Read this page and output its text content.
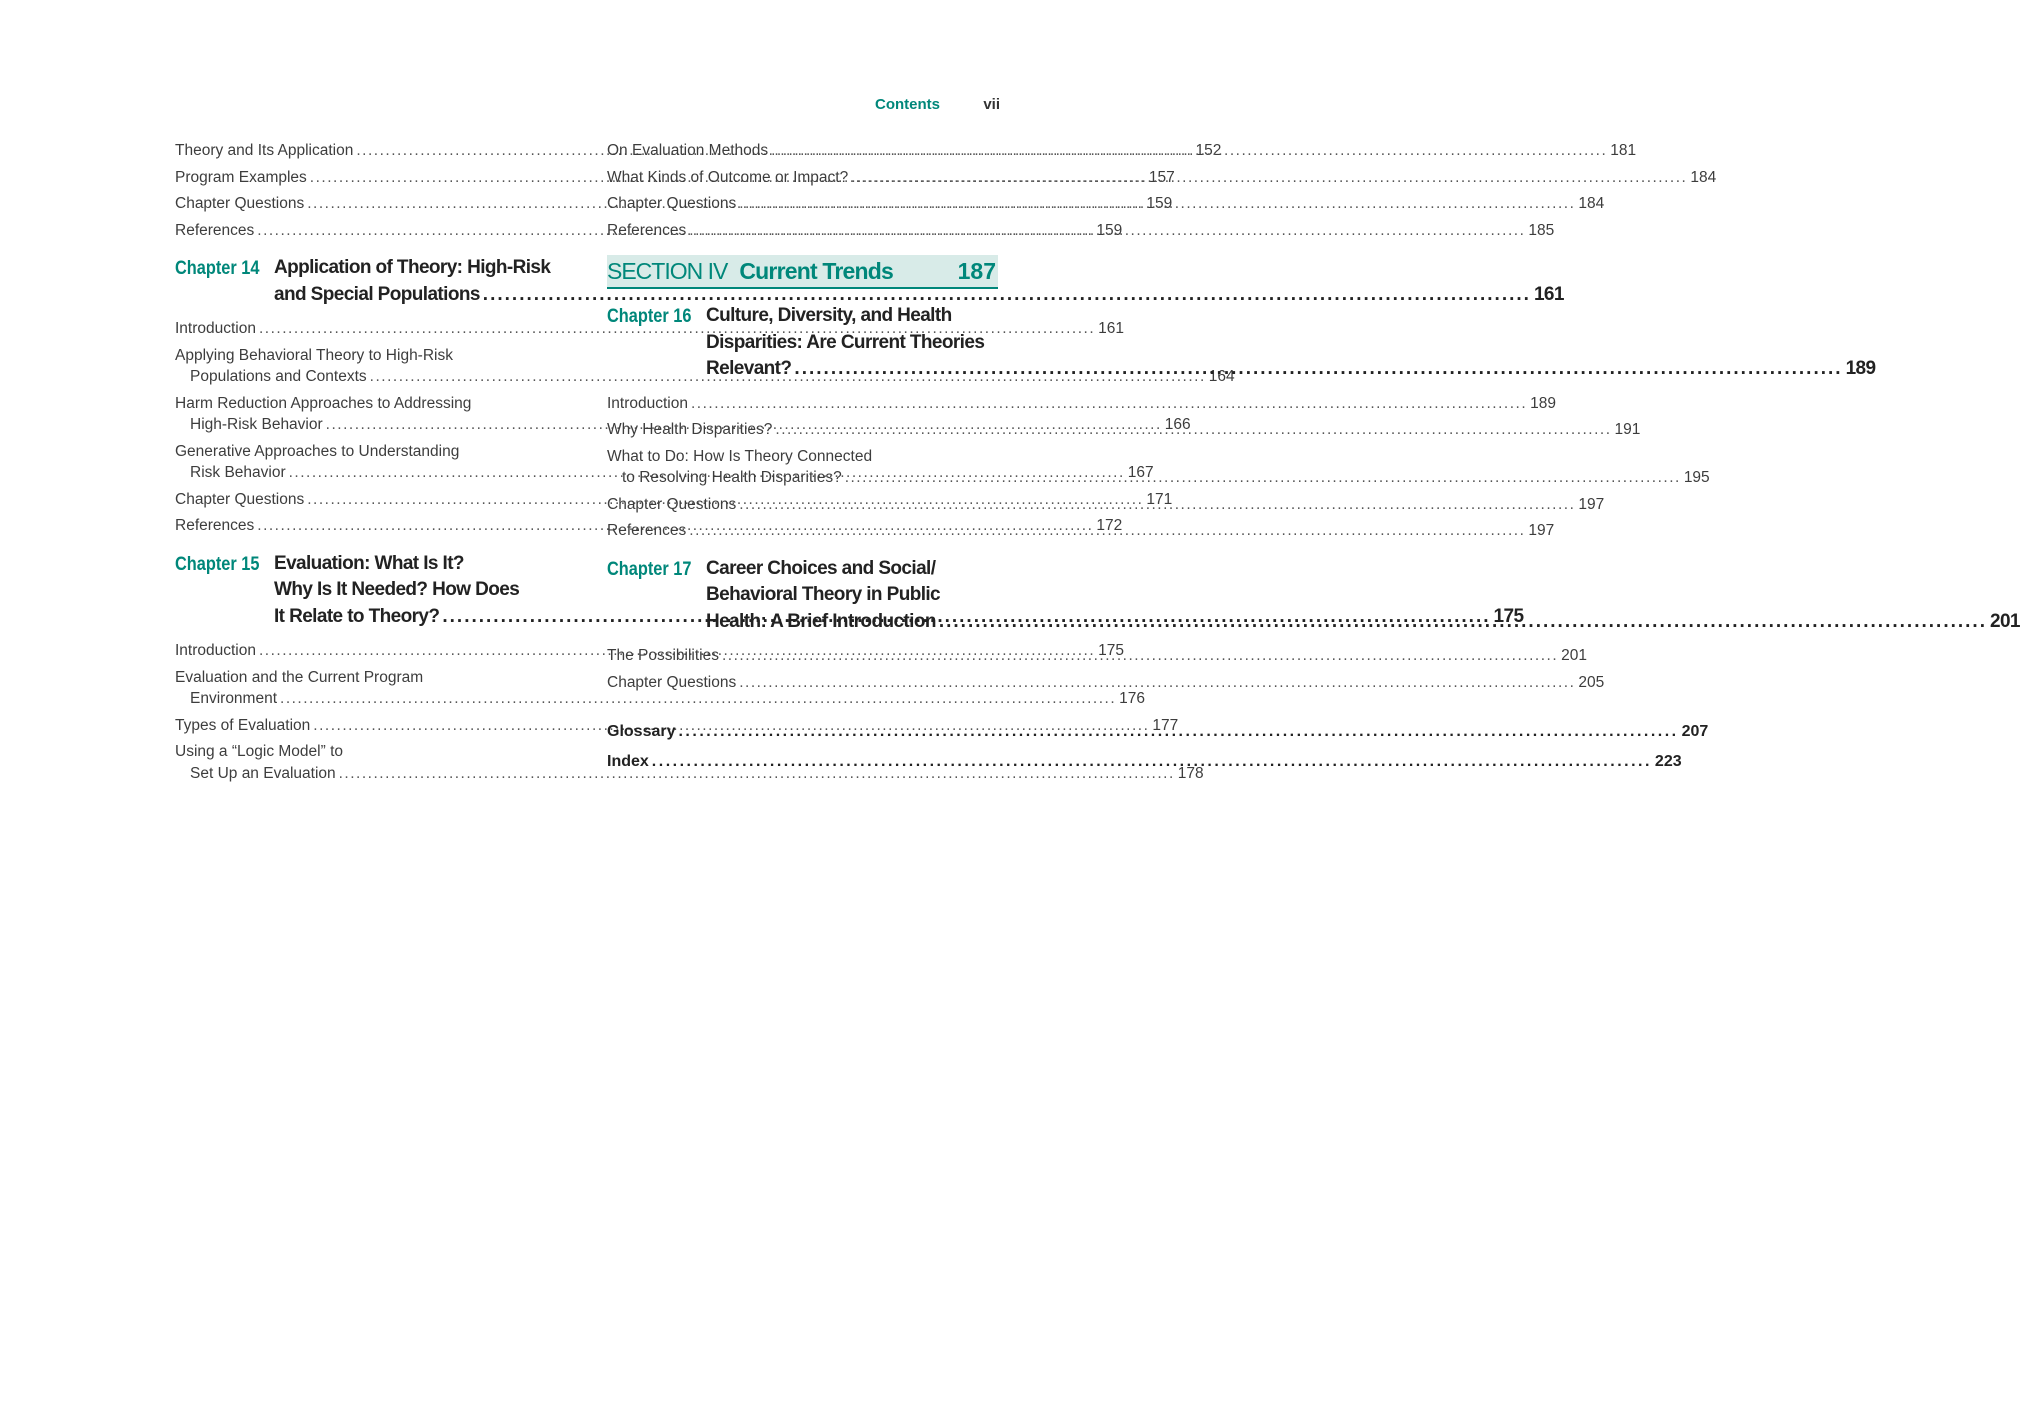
Contents	vii
Theory and Its Application .....	152
Program Examples .....	157
Chapter Questions .....	159
References .....	159
Chapter 14 Application of Theory: High-Risk
and Special Populations .....	161
Introduction .....	161
Applying Behavioral Theory to High-Risk
Populations and Contexts .....	164
Harm Reduction Approaches to Addressing
High-Risk Behavior .....	166
Generative Approaches to Understanding
Risk Behavior .....	167
Chapter Questions .....	171
References .....	172
Chapter 15 Evaluation: What Is It?
Why Is It Needed? How Does
It Relate to Theory? .....	175
Introduction .....	175
Evaluation and the Current Program
Environment .....	176
Types of Evaluation .....	177
Using a “Logic Model” to
Set Up an Evaluation .....	178
On Evaluation Methods .....	181
What Kinds of Outcome or Impact? .....	184
Chapter Questions .....	184
References .....	185
SECTION IV Current Trends	187
Chapter 16 Culture, Diversity, and Health
Disparities: Are Current Theories
Relevant? .....	189
Introduction .....	189
Why Health Disparities? .....	191
What to Do: How Is Theory Connected
to Resolving Health Disparities? .....	195
Chapter Questions .....	197
References .....	197
Chapter 17 Career Choices and Social/
Behavioral Theory in Public
Health: A Brief Introduction .....	201
The Possibilities .....	201
Chapter Questions .....	205
Glossary .....	207
Index .....	223
